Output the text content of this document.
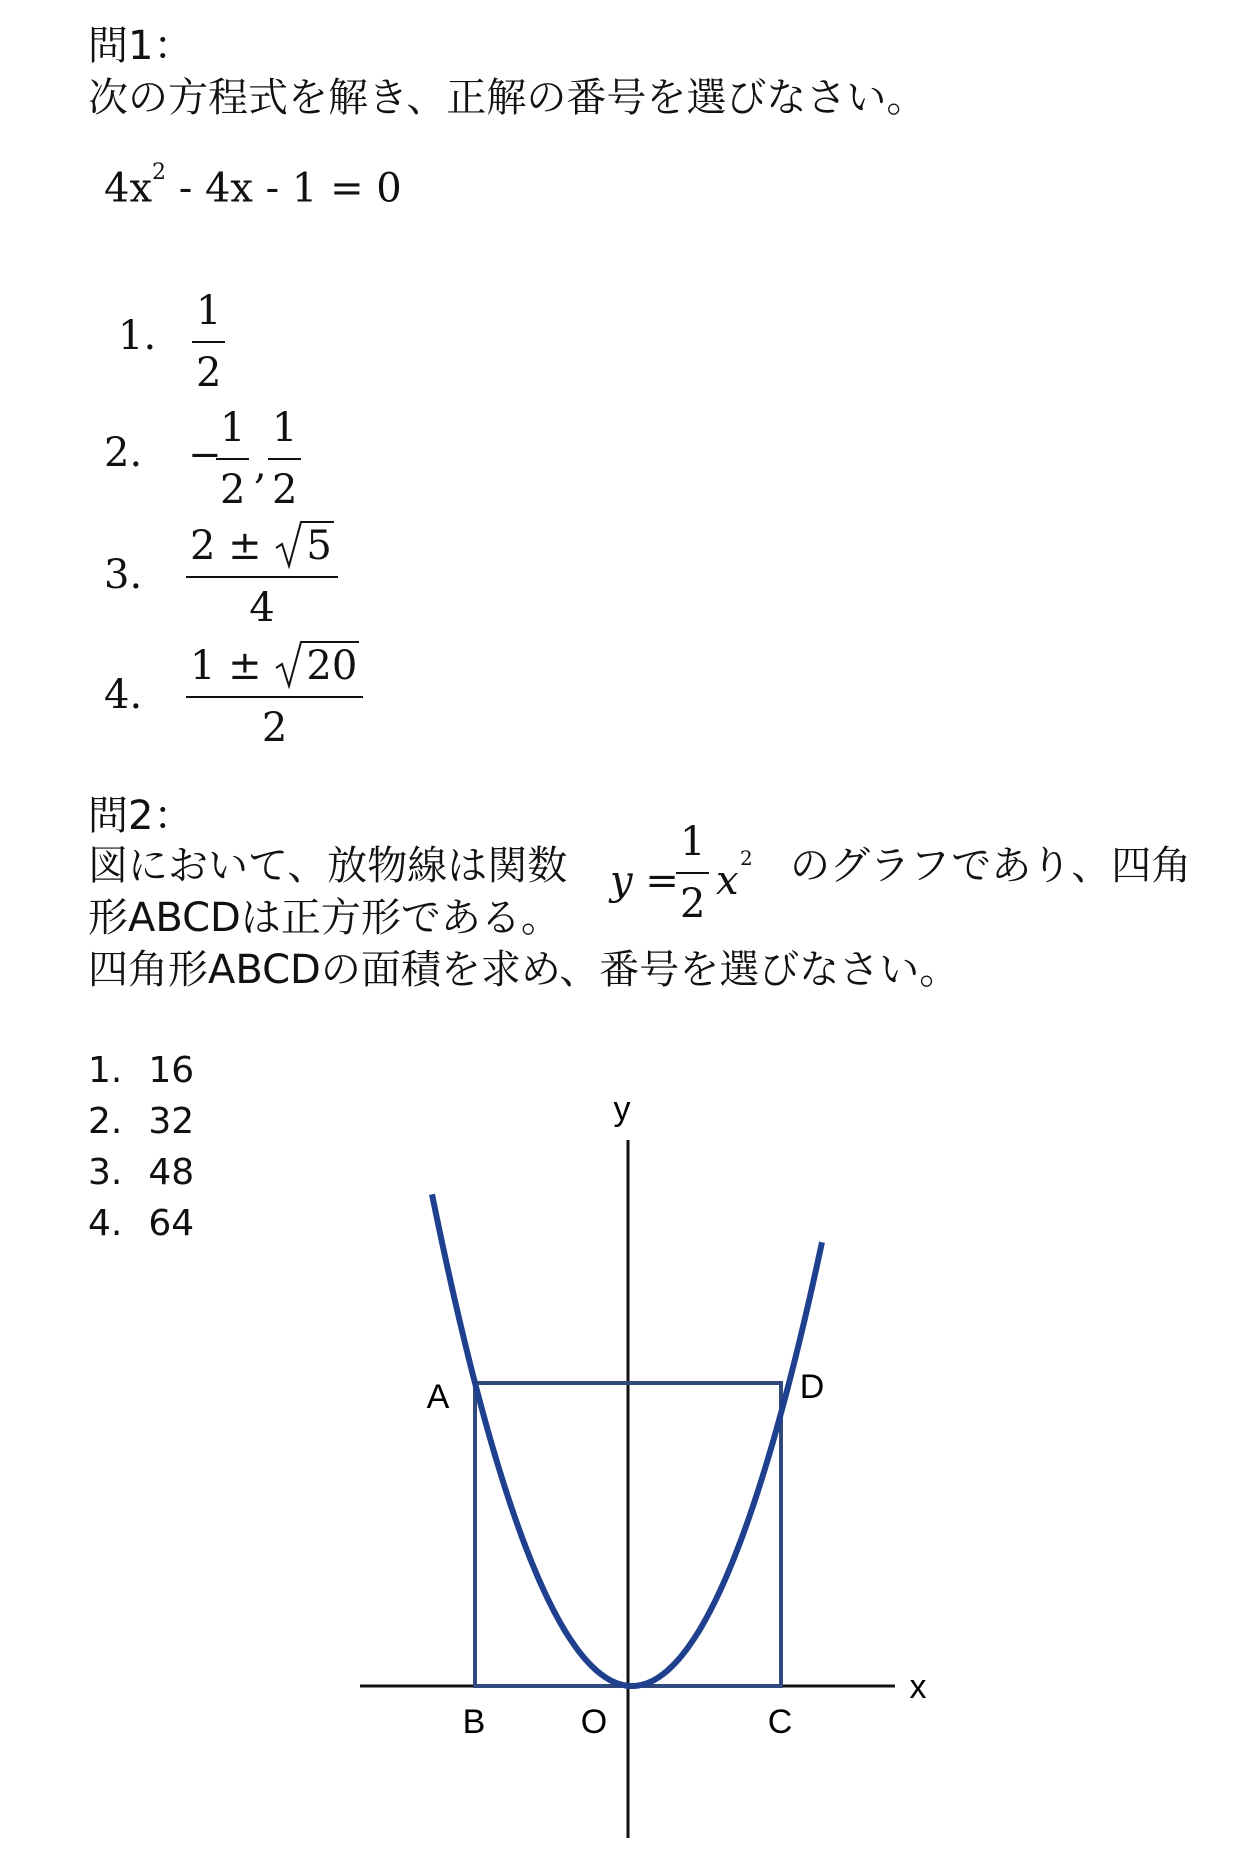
問1：
次の方程式を解き、正解の番号を選びなさい。
$4x^2 - 4x - 1 = 0$
1. $\frac{1}{2}$
2. −
$\frac{1}{2}$ , $\frac{1}{2}$
3. 2 ±
5
4
4. 1 ±
20
2
問2：
図において、放物線は関数 y =
$\frac{1}{2}$ x 2 のグラフであり、四角
形ABCDは正方形である。
四角形ABCDの面積を求め、番号を選びなさい。
1. 16
2. 32
3. 48
4. 64
y
x
A	D
B	O	C
